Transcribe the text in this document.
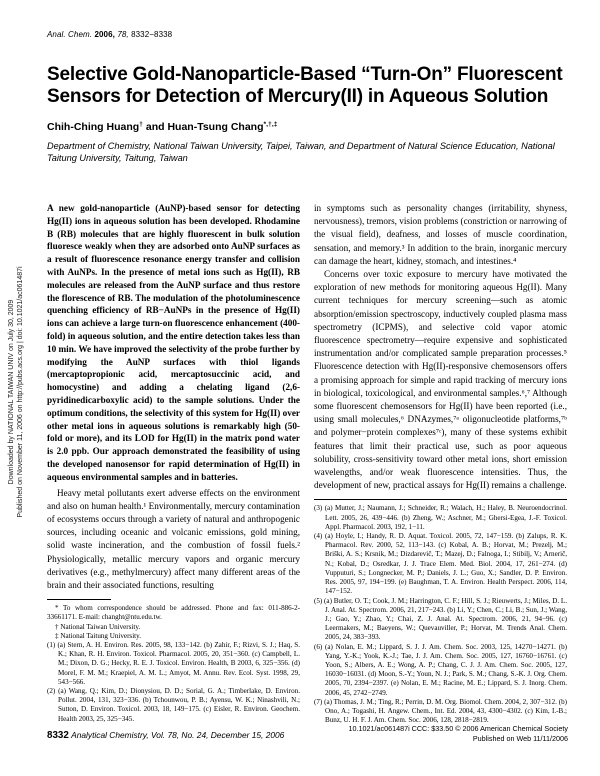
Downloaded by NATIONAL TAIWAN UNIV on July 30, 2009 Published on November 11, 2006 on http://pubs.acs.org | doi: 10.1021/ac061487i
Anal. Chem. 2006, 78, 8332−8338
Selective Gold-Nanoparticle-Based “Turn-On” Fluorescent Sensors for Detection of Mercury(II) in Aqueous Solution
Chih-Ching Huang† and Huan-Tsung Chang*,†,‡
Department of Chemistry, National Taiwan University, Taipei, Taiwan, and Department of Natural Science Education, National Taitung University, Taitung, Taiwan
A new gold-nanoparticle (AuNP)-based sensor for detecting Hg(II) ions in aqueous solution has been developed. Rhodamine B (RB) molecules that are highly fluorescent in bulk solution fluoresce weakly when they are adsorbed onto AuNP surfaces as a result of fluorescence resonance energy transfer and collision with AuNPs. In the presence of metal ions such as Hg(II), RB molecules are released from the AuNP surface and thus restore the florescence of RB. The modulation of the photoluminescence quenching efficiency of RB−AuNPs in the presence of Hg(II) ions can achieve a large turn-on fluorescence enhancement (400-fold) in aqueous solution, and the entire detection takes less than 10 min. We have improved the selectivity of the probe further by modifying the AuNP surfaces with thiol ligands (mercaptopropionic acid, mercaptosuccinic acid, and homocystine) and adding a chelating ligand (2,6-pyridinedicarboxylic acid) to the sample solutions. Under the optimum conditions, the selectivity of this system for Hg(II) over other metal ions in aqueous solutions is remarkably high (50-fold or more), and its LOD for Hg(II) in the matrix pond water is 2.0 ppb. Our approach demonstrated the feasibility of using the developed nanosensor for rapid determination of Hg(II) in aqueous environmental samples and in batteries.
Heavy metal pollutants exert adverse effects on the environment and also on human health.¹ Environmentally, mercury contamination of ecosystems occurs through a variety of natural and anthropogenic sources, including oceanic and volcanic emissions, gold mining, solid waste incineration, and the combustion of fossil fuels.² Physiologically, metallic mercury vapors and organic mercury derivatives (e.g., methylmercury) affect many different areas of the brain and their associated functions, resulting
* To whom correspondence should be addressed. Phone and fax: 011-886-2-33661171. E-mail: changht@ntu.edu.tw.
† National Taiwan University.
‡ National Taitung University.
(1) (a) Stern, A. H. Environ. Res. 2005, 98, 133−142. (b) Zahir, F.; Rizvi, S. J.; Haq, S. K.; Khan, R. H. Environ. Toxicol. Pharmacol. 2005, 20, 351−360. (c) Campbell, L. M.; Dixon, D. G.; Hecky, R. E. J. Toxicol. Environ. Health, B 2003, 6, 325−356. (d) Morel, F. M. M.; Kraepiel, A. M. L.; Amyot, M. Annu. Rev. Ecol. Syst. 1998, 29, 543−566.
(2) (a) Wang, Q.; Kim, D.; Dionysiou, D. D.; Sorial, G. A.; Timberlake, D. Environ. Pollut. 2004, 131, 323−336. (b) Tchounwou, P. B.; Ayensu, W. K.; Ninashvili, N.; Sutton, D. Environ. Toxicol. 2003, 18, 149−175. (c) Eisler, R. Environ. Geochem. Health 2003, 25, 325−345.
in symptoms such as personality changes (irritability, shyness, nervousness), tremors, vision problems (constriction or narrowing of the visual field), deafness, and losses of muscle coordination, sensation, and memory.³ In addition to the brain, inorganic mercury can damage the heart, kidney, stomach, and intestines.⁴
Concerns over toxic exposure to mercury have motivated the exploration of new methods for monitoring aqueous Hg(II). Many current techniques for mercury screening—such as atomic absorption/emission spectroscopy, inductively coupled plasma mass spectrometry (ICPMS), and selective cold vapor atomic fluorescence spectrometry—require expensive and sophisticated instrumentation and/or complicated sample preparation processes.⁵ Fluorescence detection with Hg(II)-responsive chemosensors offers a promising approach for simple and rapid tracking of mercury ions in biological, toxicological, and environmental samples.⁶,⁷ Although some fluorescent chemosensors for Hg(II) have been reported (i.e., using small molecules,⁶ DNAzymes,⁷ᵃ oligonucleotide platforms,⁷ᵇ and polymer−protein complexes⁷ᶜ), many of these systems exhibit features that limit their practical use, such as poor aqueous solubility, cross-sensitivity toward other metal ions, short emission wavelengths, and/or weak fluorescence intensities. Thus, the development of new, practical assays for Hg(II) remains a challenge.
(3) (a) Mutter, J.; Naumann, J.; Schneider, R.; Walach, H.; Haley, B. Neuroendocrinol. Lett. 2005, 26, 439−446. (b) Zheng, W.; Aschner, M.; Ghersi-Egea, J.-F. Toxicol. Appl. Pharmacol. 2003, 192, 1−11.
(4) (a) Hoyle, I.; Handy, R. D. Aquat. Toxicol. 2005, 72, 147−159. (b) Zalups, R. K. Pharmacol. Rev. 2000, 52, 113−143. (c) Kobal, A. B.; Horvat, M.; Prezelj, M.; Briški, A. S.; Krsnik, M.; Dizdarevič, T.; Mazej, D.; Falnoga, I.; Stibilj, V.; Arnerič, N.; Kobal, D.; Osredkar, J. J. Trace Elem. Med. Biol. 2004, 17, 261−274. (d) Vupputuri, S.; Longnecker, M. P.; Daniels, J. L.; Guo, X.; Sandler, D. P. Environ. Res. 2005, 97, 194−199. (e) Baughman, T. A. Environ. Health Perspect. 2006, 114, 147−152.
(5) (a) Butler, O. T.; Cook, J. M.; Harrington, C. F.; Hill, S. J.; Rieuwerts, J.; Miles, D. L. J. Anal. At. Spectrom. 2006, 21, 217−243. (b) Li, Y.; Chen, C.; Li, B.; Sun, J.; Wang, J.; Gao, Y.; Zhao, Y.; Chai, Z. J. Anal. At. Spectrom. 2006, 21, 94−96. (c) Leermakers, M.; Baeyens, W.; Quevauviller, P.; Horvat, M. Trends Anal. Chem. 2005, 24, 383−393.
(6) (a) Nolan, E. M.; Lippard, S. J. J. Am. Chem. Soc. 2003, 125, 14270−14271. (b) Yang, Y.-K.; Yook, K.-J.; Tae, J. J. Am. Chem. Soc. 2005, 127, 16760−16761. (c) Yoon, S.; Albers, A. E.; Wong, A. P.; Chang, C. J. J. Am. Chem. Soc. 2005, 127, 16030−16031. (d) Moon, S.-Y.; Youn, N. J.; Park, S. M.; Chang, S.-K. J. Org. Chem. 2005, 70, 2394−2397. (e) Nolan, E. M.; Racine, M. E.; Lippard, S. J. Inorg. Chem. 2006, 45, 2742−2749.
(7) (a) Thomas, J. M.; Ting, R.; Perrin, D. M. Org. Biomol. Chem. 2004, 2, 307−312. (b) Ono, A.; Togashi, H. Angew. Chem., Int. Ed. 2004, 43, 4300−4302. (c) Kim, I.-B.; Bunz, U. H. F. J. Am. Chem. Soc. 2006, 128, 2818−2819.
8332 Analytical Chemistry, Vol. 78, No. 24, December 15, 2006
10.1021/ac061487i CCC: $33.50 © 2006 American Chemical Society
Published on Web 11/11/2006
